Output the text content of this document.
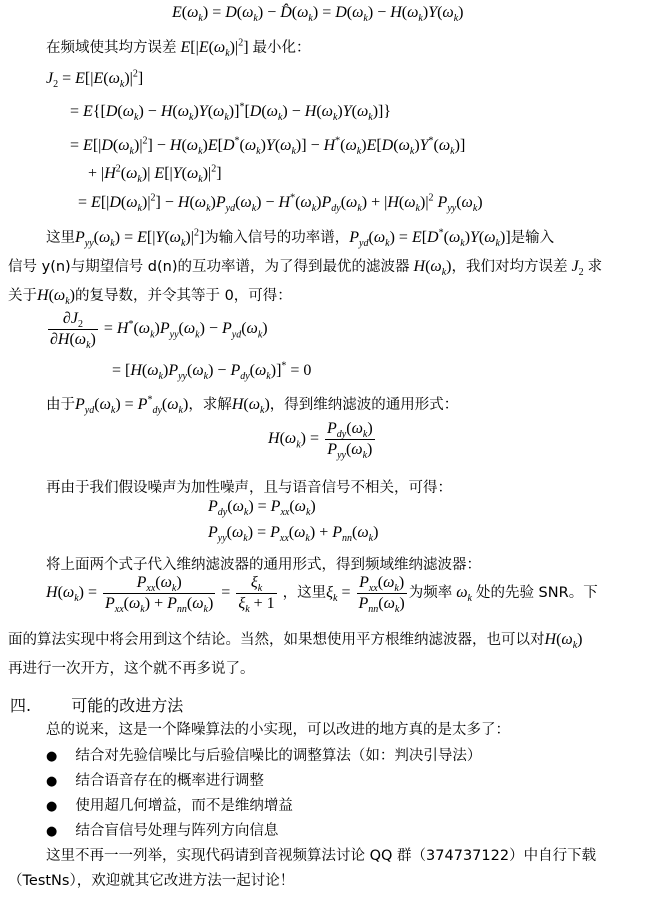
$E(\omega_k) = D(\omega_k)$ − $D̂(\omega_k) = D(\omega_k) - H(\omega_k)Y(\omega_k)$
在频域使其均方误差 $E[|E(\omega_k)|^2]$ 最小化：
$J_2 = E[|E(\omega_k)|^2]$
= $E\{[D(\omega_k) - H(\omega_k)Y(\omega_k)]^*[D(\omega_k) - H(\omega_k)Y(\omega_k)]\}$
= $E[|D(\omega_k)|^2] - H(\omega_k)E[D^*(\omega_k)Y(\omega_k)] - H^*(\omega_k)E[D(\omega_k)Y^*(\omega_k)]$
+ $|H^2(\omega_k)|$ $E[|Y(\omega_k)|^2]$
= $E[|D(\omega_k)|^2] - H(\omega_k)P_{yd}(\omega_k) - H^*(\omega_k)P_{dy}(\omega_k) + |H(\omega_k)|^2$ $P_{yy}(\omega_k)$
这里$P_{yy}(\omega_k) = E[|Y(\omega_k)|^2]$为输入信号的功率谱，$P_{yd}(\omega_k) = E[D^*(\omega_k)Y(\omega_k)]$是输入
信号 y(n)与期望信号 d(n)的互功率谱，为了得到最优的滤波器 $H(\omega_k)$，我们对均方误差 $J_2$ 求
关于$H(\omega_k)$的复导数，并令其等于 0，可得：
$\frac{\partial J_2}{\partial H(\omega_k)} = H^*(\omega_k)P_{yy}(\omega_k) - P_{yd}(\omega_k)$
= $[H(\omega_k)P_{yy}(\omega_k) - P_{dy}(\omega_k)]^* = 0$
由于$P_{yd}(\omega_k) = P^*_{dy}(\omega_k)$，求解$H(\omega_k)$，得到维纳滤波的通用形式：
$H(\omega_k) = \frac{P_{dy}(\omega_k)}{P_{yy}(\omega_k)}$
再由于我们假设噪声为加性噪声，且与语音信号不相关，可得：
$P_{dy}(\omega_k) = P_{xx}(\omega_k)$
$P_{yy}(\omega_k) = P_{xx}(\omega_k) + P_{nn}(\omega_k)$
将上面两个式子代入维纳滤波器的通用形式，得到频域维纳滤波器：
$H(\omega_k) = \frac{P_{xx}(\omega_k)}{P_{xx}(\omega_k) + P_{nn}(\omega_k)} = \frac{\xi_k}{\xi_k + 1}$ ，这里$\xi_k = \frac{P_{xx}(\omega_k)}{P_{nn}(\omega_k)}$ 为频率 $\omega_k$ 处的先验 SNR。下
面的算法实现中将会用到这个结论。当然，如果想使用平方根维纳滤波器，也可以对$H(\omega_k)$
再进行一次开方，这个就不再多说了。
四.	可能的改进方法
总的说来，这是一个降噪算法的小实现，可以改进的地方真的是太多了：
● 结合对先验信噪比与后验信噪比的调整算法（如：判决引导法）
● 结合语音存在的概率进行调整
● 使用超几何增益，而不是维纳增益
● 结合盲信号处理与阵列方向信息
这里不再一一列举，实现代码请到音视频算法讨论 QQ 群（374737122）中自行下载
（TestNs），欢迎就其它改进方法一起讨论！
